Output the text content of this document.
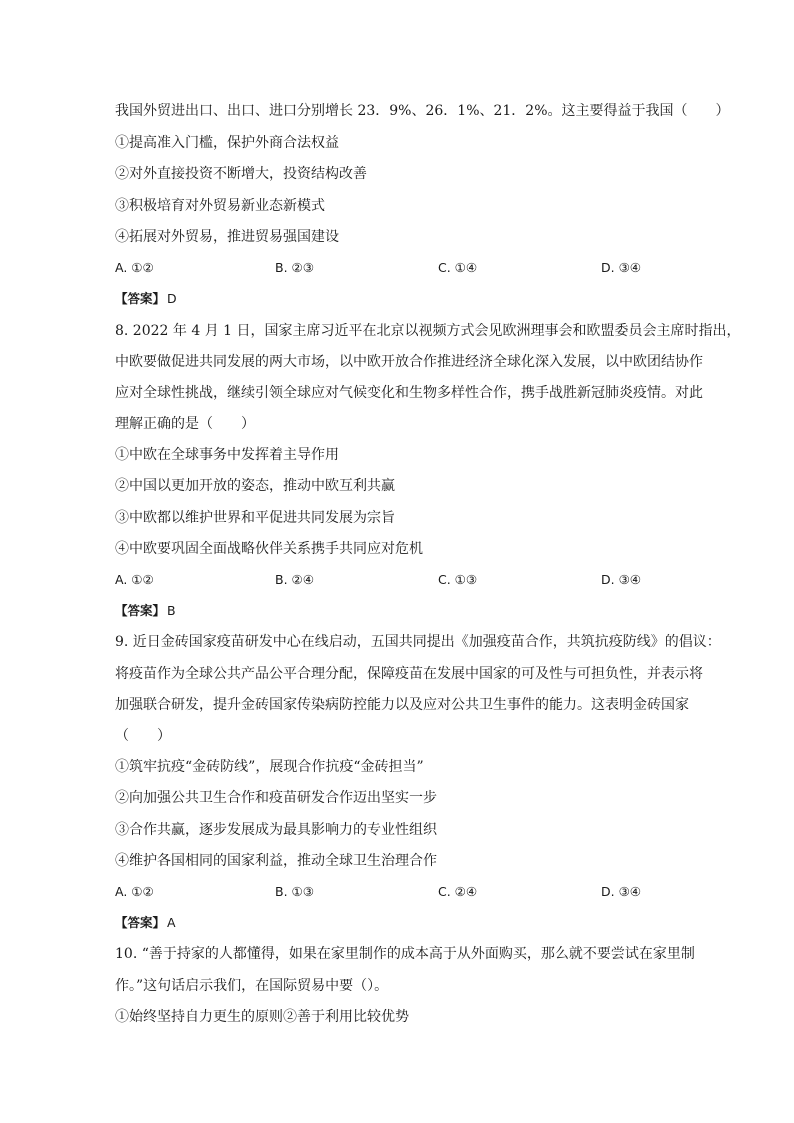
我国外贸进出口、出口、进口分别增长 23．9%、26．1%、21．2%。这主要得益于我国（　　）
①提高准入门槛，保护外商合法权益
②对外直接投资不断增大，投资结构改善
③积极培育对外贸易新业态新模式
④拓展对外贸易，推进贸易强国建设
A. ①②	B. ②③	C. ①④	D. ③④
【答案】 D
8. 2022 年 4 月 1 日，国家主席习近平在北京以视频方式会见欧洲理事会和欧盟委员会主席时指出，
中欧要做促进共同发展的两大市场，以中欧开放合作推进经济全球化深入发展，以中欧团结协作
应对全球性挑战，继续引领全球应对气候变化和生物多样性合作，携手战胜新冠肺炎疫情。对此
理解正确的是（　　）
①中欧在全球事务中发挥着主导作用
②中国以更加开放的姿态，推动中欧互利共赢
③中欧都以维护世界和平促进共同发展为宗旨
④中欧要巩固全面战略伙伴关系携手共同应对危机
A. ①②	B. ②④	C. ①③	D. ③④
【答案】 B
9. 近日金砖国家疫苗研发中心在线启动，五国共同提出《加强疫苗合作，共筑抗疫防线》的倡议：
将疫苗作为全球公共产品公平合理分配，保障疫苗在发展中国家的可及性与可担负性，并表示将
加强联合研发，提升金砖国家传染病防控能力以及应对公共卫生事件的能力。这表明金砖国家
（　　）
①筑牢抗疫“金砖防线”，展现合作抗疫“金砖担当”
②向加强公共卫生合作和疫苗研发合作迈出坚实一步
③合作共赢，逐步发展成为最具影响力的专业性组织
④维护各国相同的国家利益，推动全球卫生治理合作
A. ①②	B. ①③	C. ②④	D. ③④
【答案】 A
10. “善于持家的人都懂得，如果在家里制作的成本高于从外面购买，那么就不要尝试在家里制
作。”这句话启示我们，在国际贸易中要（）。
①始终坚持自力更生的原则②善于利用比较优势
